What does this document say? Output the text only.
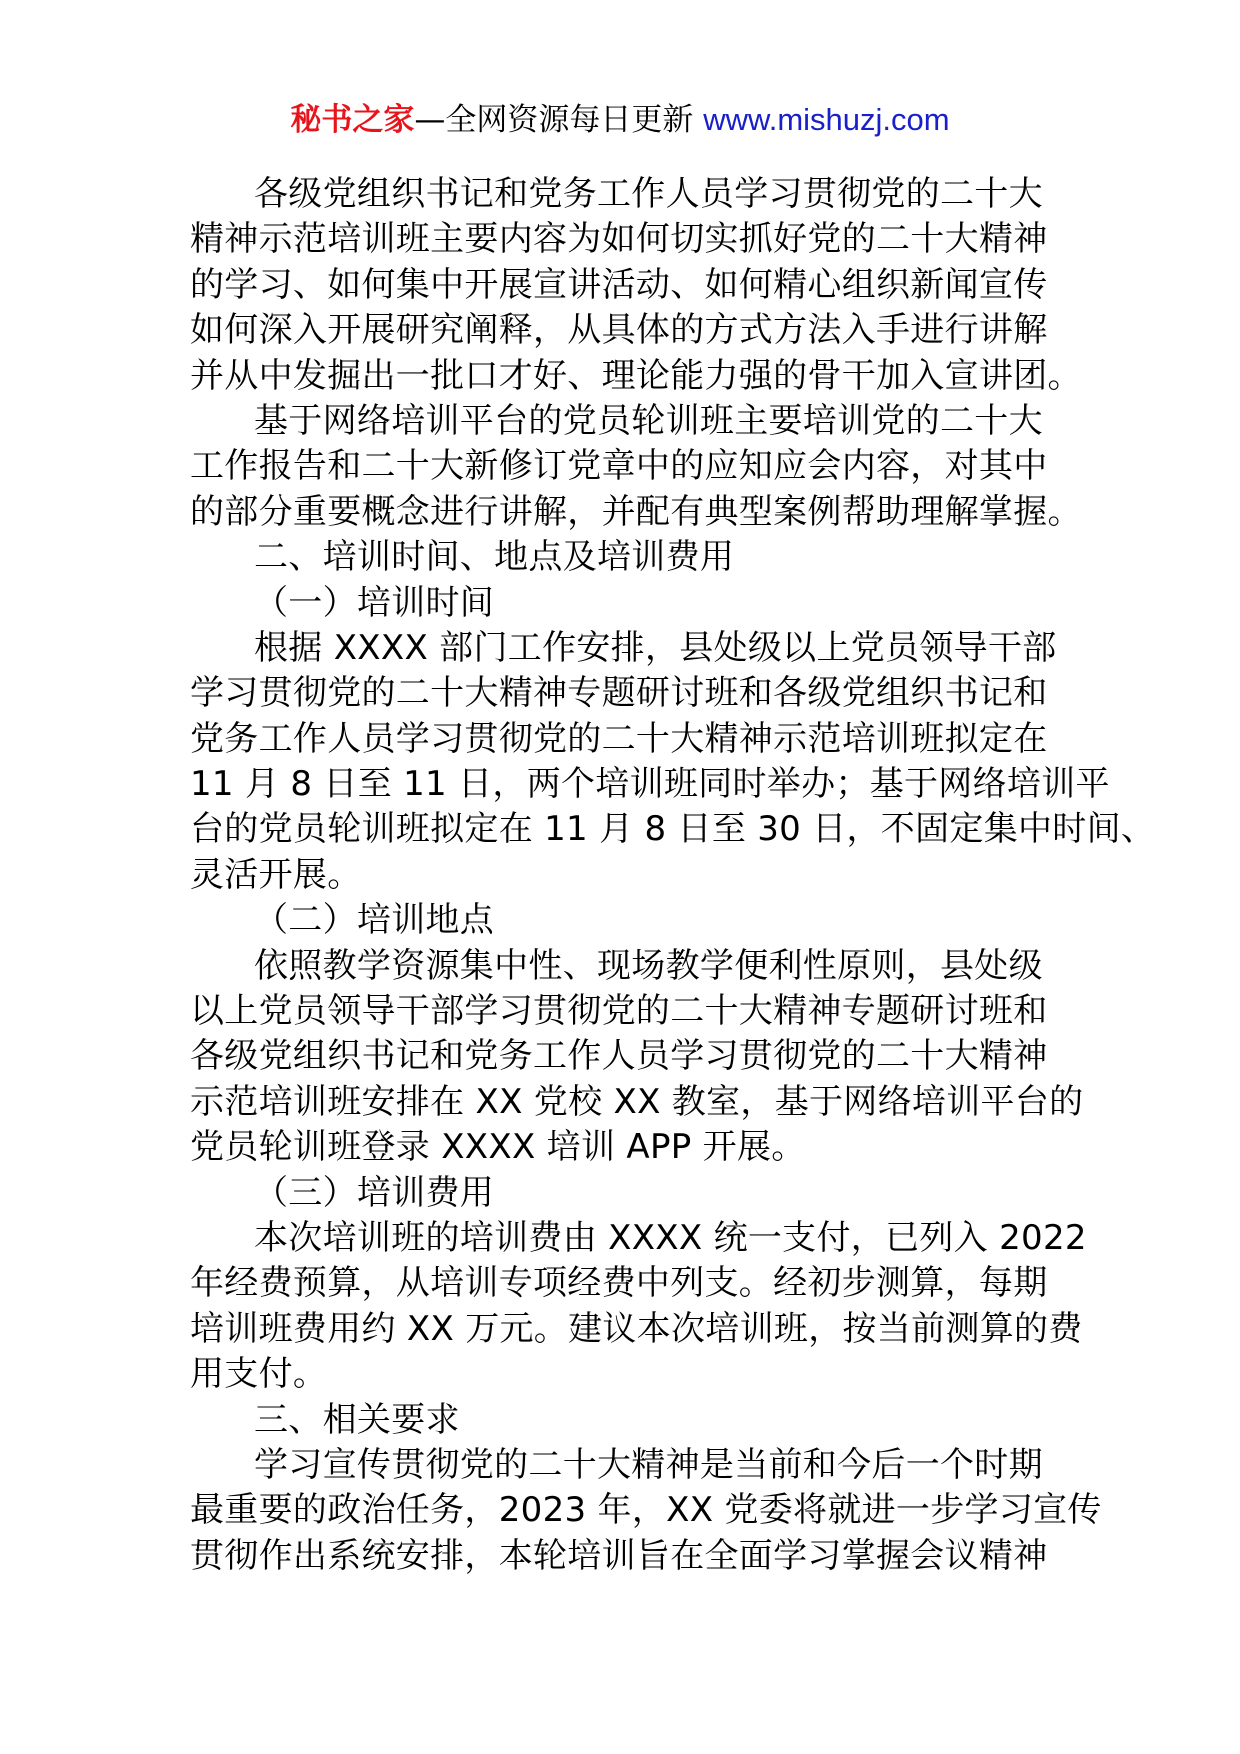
秘书之家—全网资源每日更新 www.mishuzj.com
各级党组织书记和党务工作人员学习贯彻党的二十大
精神示范培训班主要内容为如何切实抓好党的二十大精神
的学习、如何集中开展宣讲活动、如何精心组织新闻宣传
如何深入开展研究阐释，从具体的方式方法入手进行讲解
并从中发掘出一批口才好、理论能力强的骨干加入宣讲团。
基于网络培训平台的党员轮训班主要培训党的二十大
工作报告和二十大新修订党章中的应知应会内容，对其中
的部分重要概念进行讲解，并配有典型案例帮助理解掌握。
二、培训时间、地点及培训费用
（一）培训时间
根据 XXXX 部门工作安排，县处级以上党员领导干部
学习贯彻党的二十大精神专题研讨班和各级党组织书记和
党务工作人员学习贯彻党的二十大精神示范培训班拟定在
11 月 8 日至 11 日，两个培训班同时举办；基于网络培训平
台的党员轮训班拟定在 11 月 8 日至 30 日，不固定集中时间、
灵活开展。
（二）培训地点
依照教学资源集中性、现场教学便利性原则，县处级
以上党员领导干部学习贯彻党的二十大精神专题研讨班和
各级党组织书记和党务工作人员学习贯彻党的二十大精神
示范培训班安排在 XX 党校 XX 教室，基于网络培训平台的
党员轮训班登录 XXXX 培训 APP 开展。
（三）培训费用
本次培训班的培训费由 XXXX 统一支付，已列入 2022
年经费预算，从培训专项经费中列支。经初步测算，每期
培训班费用约 XX 万元。建议本次培训班，按当前测算的费
用支付。
三、相关要求
学习宣传贯彻党的二十大精神是当前和今后一个时期
最重要的政治任务，2023 年，XX 党委将就进一步学习宣传
贯彻作出系统安排，本轮培训旨在全面学习掌握会议精神
